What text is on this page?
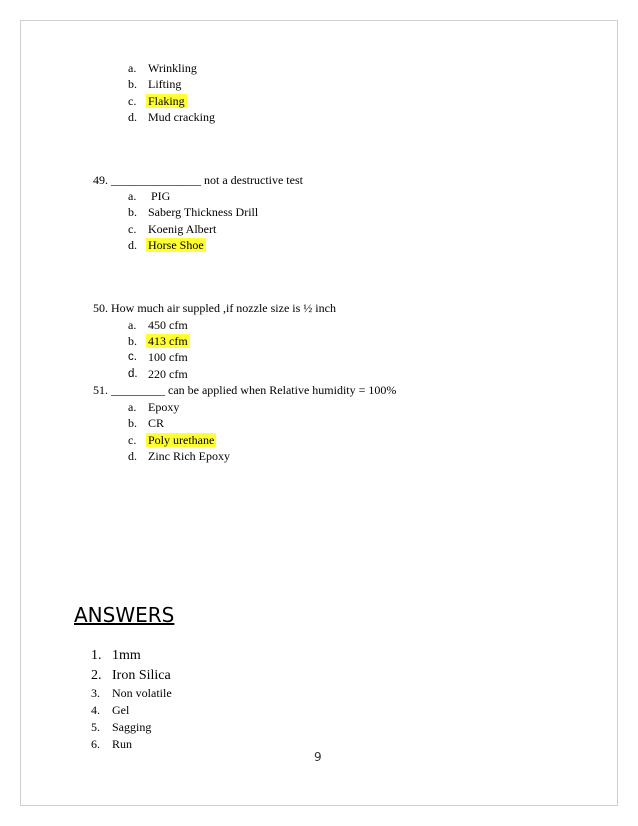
a. Wrinkling
b. Lifting
c. Flaking
d. Mud cracking
49. _______________ not a destructive test
a. PIG
b. Saberg Thickness Drill
c. Koenig Albert
d. Horse Shoe
50. How much air suppled ,if nozzle size is ½ inch
a. 450 cfm
b. 413 cfm
c. 100 cfm
d. 220 cfm
51. _________ can be applied when Relative humidity = 100%
a. Epoxy
b. CR
c. Poly urethane
d. Zinc Rich Epoxy
ANSWERS
1. 1mm
2. Iron Silica
3. Non volatile
4. Gel
5. Sagging
6. Run
9
